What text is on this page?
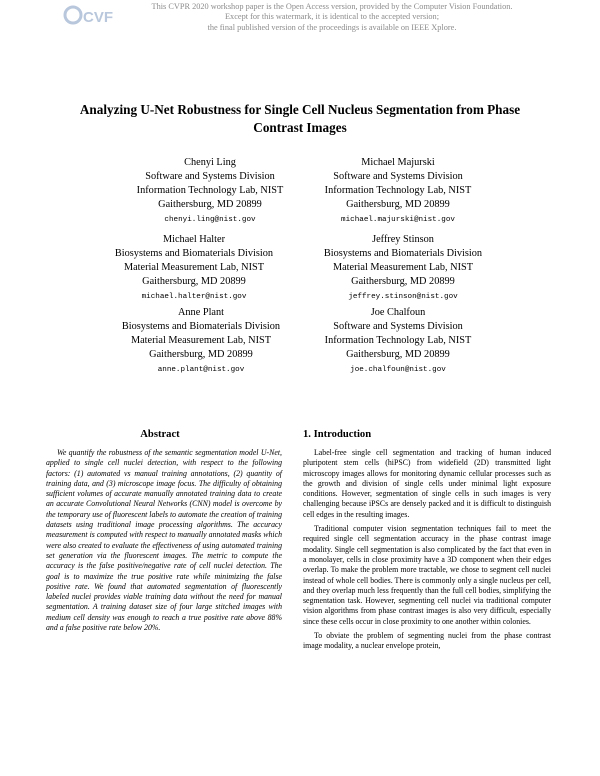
CVF
This CVPR 2020 workshop paper is the Open Access version, provided by the Computer Vision Foundation.
Except for this watermark, it is identical to the accepted version;
the final published version of the proceedings is available on IEEE Xplore.
Analyzing U-Net Robustness for Single Cell Nucleus Segmentation from Phase
Contrast Images
Chenyi Ling
Software and Systems Division
Information Technology Lab, NIST
Gaithersburg, MD 20899
chenyi.ling@nist.gov
Michael Majurski
Software and Systems Division
Information Technology Lab, NIST
Gaithersburg, MD 20899
michael.majurski@nist.gov
Michael Halter
Biosystems and Biomaterials Division
Material Measurement Lab, NIST
Gaithersburg, MD 20899
michael.halter@nist.gov
Jeffrey Stinson
Biosystems and Biomaterials Division
Material Measurement Lab, NIST
Gaithersburg, MD 20899
jeffrey.stinson@nist.gov
Anne Plant
Biosystems and Biomaterials Division
Material Measurement Lab, NIST
Gaithersburg, MD 20899
anne.plant@nist.gov
Joe Chalfoun
Software and Systems Division
Information Technology Lab, NIST
Gaithersburg, MD 20899
joe.chalfoun@nist.gov
Abstract

We quantify the robustness of the semantic segmentation model U-Net, applied to single cell nuclei detection, with respect to the following factors: (1) automated vs manual training annotations, (2) quantity of training data, and (3) microscope image focus. The difficulty of obtaining sufficient volumes of accurate manually annotated training data to create an accurate Convolutional Neural Networks (CNN) model is overcome by the temporary use of fluorescent labels to automate the creation of training datasets using traditional image processing algorithms. The accuracy measurement is computed with respect to manually annotated masks which were also created to evaluate the effectiveness of using automated training set generation via the fluorescent images. The metric to compute the accuracy is the false positive/negative rate of cell nuclei detection. The goal is to maximize the true positive rate while minimizing the false positive rate. We found that automated segmentation of fluorescently labeled nuclei provides viable training data without the need for manual segmentation. A training dataset size of four large stitched images with medium cell density was enough to reach a true positive rate above 88% and a false positive rate below 20%.

1. Introduction

Label-free single cell segmentation and tracking of human induced pluripotent stem cells (hiPSC) from widefield (2D) transmitted light microscopy images allows for monitoring dynamic cellular processes such as the growth and division of single cells under minimal light exposure conditions. However, segmentation of single cells in such images is very challenging because iPSCs are densely packed and it is difficult to distinguish cell edges in the resulting images.

Traditional computer vision segmentation techniques fail to meet the required single cell segmentation accuracy in the phase contrast image modality. Single cell segmentation is also complicated by the fact that even in a monolayer, cells in close proximity have a 3D component when their edges overlap. To make the problem more tractable, we chose to segment cell nuclei instead of whole cell bodies. There is commonly only a single nucleus per cell, and they overlap much less frequently than the full cell bodies, simplifying the segmentation task. However, segmenting cell nuclei via traditional computer vision algorithms from phase contrast images is also very difficult, especially since these cells occur in close proximity to one another within colonies.

To obviate the problem of segmenting nuclei from the phase contrast image modality, a nuclear envelope protein,
